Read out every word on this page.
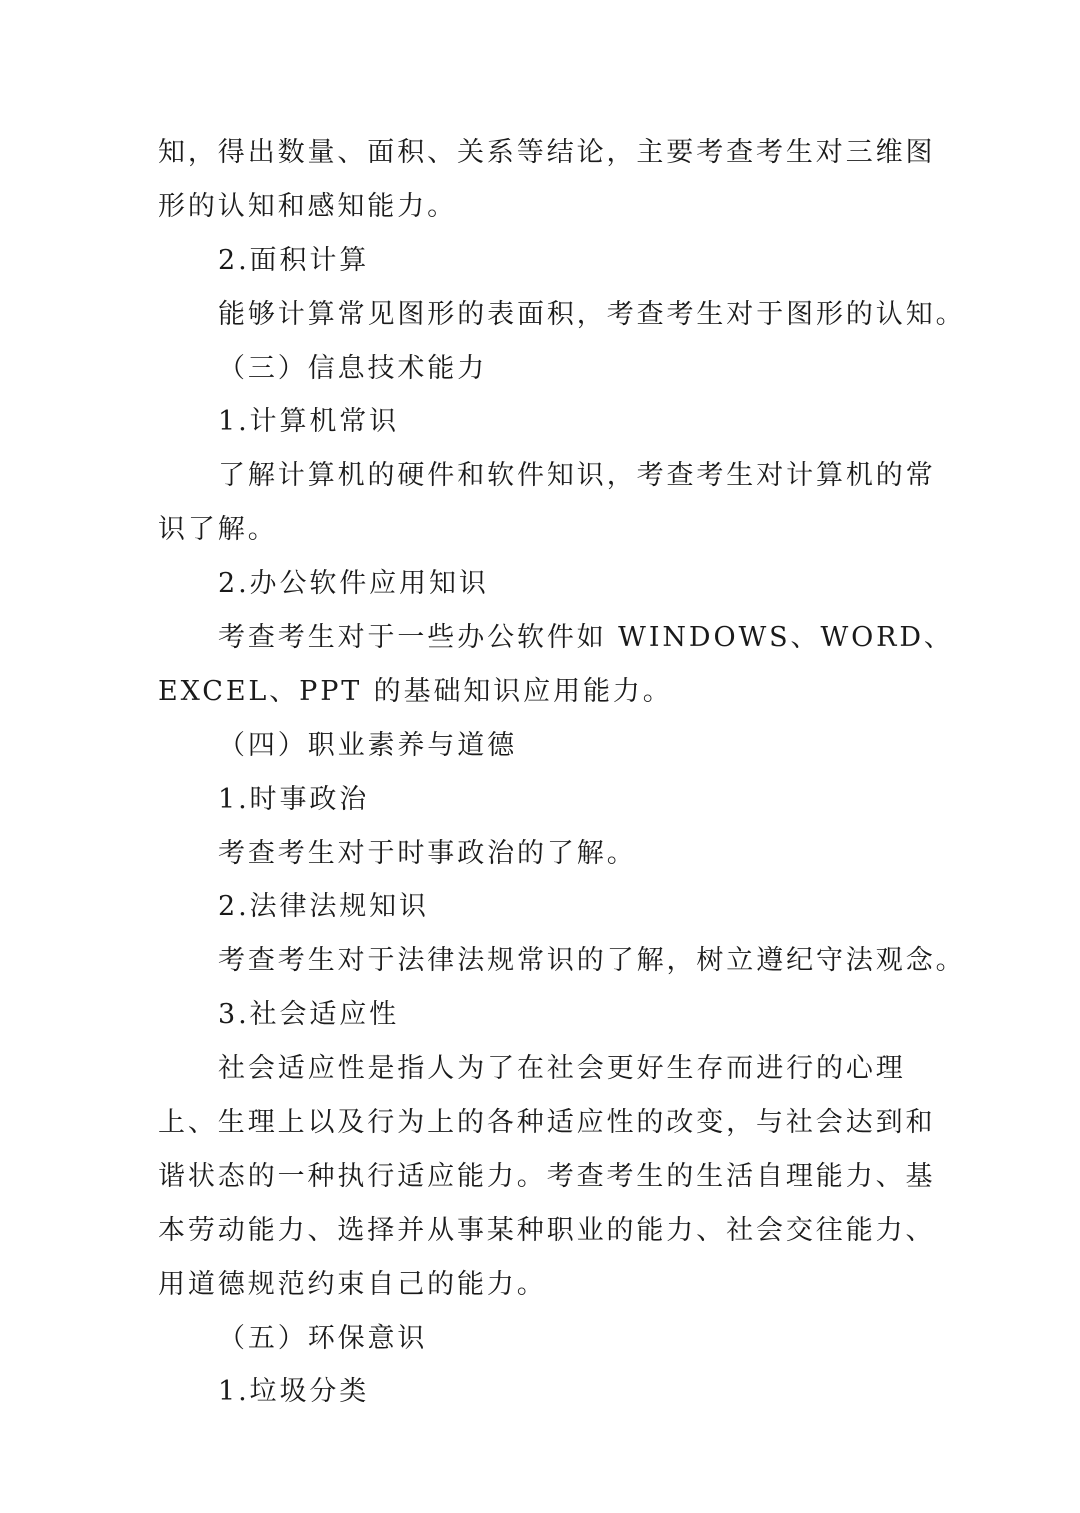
知，得出数量、面积、关系等结论，主要考查考生对三维图
形的认知和感知能力。
2.面积计算
能够计算常见图形的表面积，考查考生对于图形的认知。
（三）信息技术能力
1.计算机常识
了解计算机的硬件和软件知识，考查考生对计算机的常
识了解。
2.办公软件应用知识
考查考生对于一些办公软件如 WINDOWS、WORD、
EXCEL、PPT 的基础知识应用能力。
（四）职业素养与道德
1.时事政治
考查考生对于时事政治的了解。
2.法律法规知识
考查考生对于法律法规常识的了解，树立遵纪守法观念。
3.社会适应性
社会适应性是指人为了在社会更好生存而进行的心理
上、生理上以及行为上的各种适应性的改变，与社会达到和
谐状态的一种执行适应能力。考查考生的生活自理能力、基
本劳动能力、选择并从事某种职业的能力、社会交往能力、
用道德规范约束自己的能力。
（五）环保意识
1.垃圾分类
